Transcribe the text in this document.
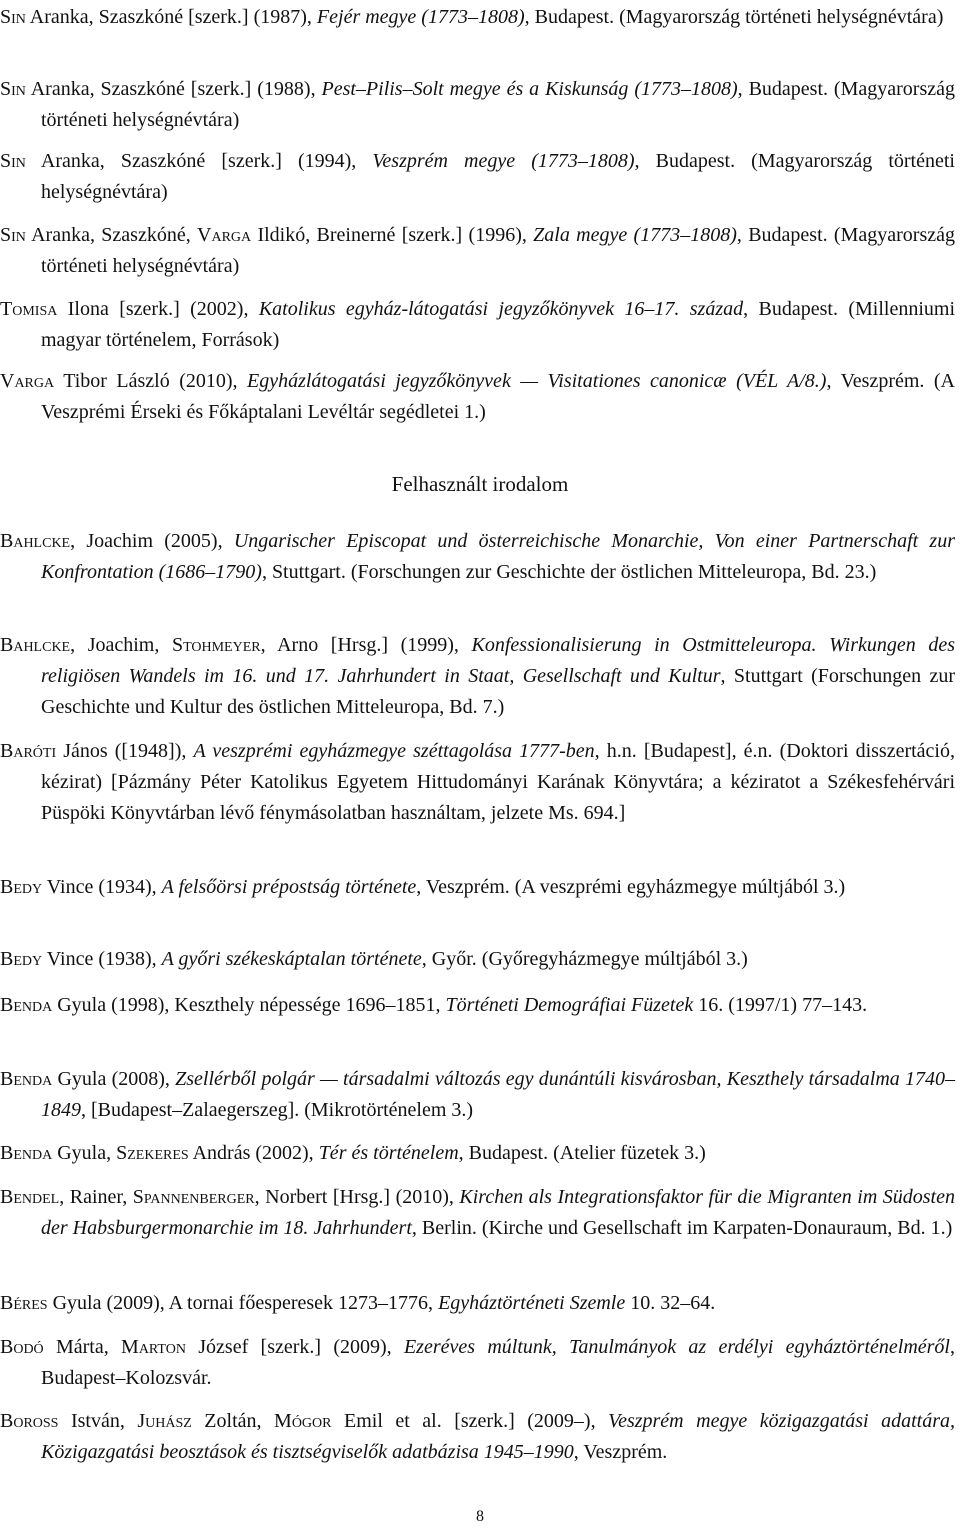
Sin Aranka, Szaszkóné [szerk.] (1987), Fejér megye (1773–1808), Budapest. (Magyarország történeti helységnévtára)

Sin Aranka, Szaszkóné [szerk.] (1988), Pest–Pilis–Solt megye és a Kiskunság (1773–1808), Budapest. (Magyarország történeti helységnévtára)

Sin Aranka, Szaszkóné [szerk.] (1994), Veszprém megye (1773–1808), Budapest. (Magyarország történeti helységnévtára)

Sin Aranka, Szaszkóné, Varga Ildikó, Breinerné [szerk.] (1996), Zala megye (1773–1808), Budapest. (Magyarország történeti helységnévtára)

Tomisa Ilona [szerk.] (2002), Katolikus egyház-látogatási jegyzőkönyvek 16–17. század, Budapest. (Millenniumi magyar történelem, Források)

Varga Tibor László (2010), Egyházlátogatási jegyzőkönyvek — Visitationes canonicæ (VÉL A/8.), Veszprém. (A Veszprémi Érseki és Főkáptalani Levéltár segédletei 1.)

Felhasznált irodalom

Bahlcke, Joachim (2005), Ungarischer Episcopat und österreichische Monarchie, Von einer Partnerschaft zur Konfrontation (1686–1790), Stuttgart. (Forschungen zur Geschichte der östlichen Mitteleuropa, Bd. 23.)

Bahlcke, Joachim, Stohmeyer, Arno [Hrsg.] (1999), Konfessionalisierung in Ostmitteleuropa. Wirkungen des religiösen Wandels im 16. und 17. Jahrhundert in Staat, Gesellschaft und Kultur, Stuttgart (Forschungen zur Geschichte und Kultur des östlichen Mitteleuropa, Bd. 7.)

Baróti János ([1948]), A veszprémi egyházmegye széttagolása 1777-ben, h.n. [Budapest], é.n. (Doktori disszertáció, kézirat) [Pázmány Péter Katolikus Egyetem Hittudományi Karának Könyvtára; a kéziratot a Székesfehérvári Püspöki Könyvtárban lévő fénymásolatban használtam, jelzete Ms. 694.]

Bedy Vince (1934), A felsőörsi prépostság története, Veszprém. (A veszprémi egyházmegye múltjából 3.)

Bedy Vince (1938), A győri székeskáptalan története, Győr. (Győregyházmegye múltjából 3.)

Benda Gyula (1998), Keszthely népessége 1696–1851, Történeti Demográfiai Füzetek 16. (1997/1) 77–143.

Benda Gyula (2008), Zsellérből polgár — társadalmi változás egy dunántúli kisvárosban, Keszthely társadalma 1740–1849, [Budapest–Zalaegerszeg]. (Mikrotörténelem 3.)

Benda Gyula, Szekeres András (2002), Tér és történelem, Budapest. (Atelier füzetek 3.)

Bendel, Rainer, Spannenberger, Norbert [Hrsg.] (2010), Kirchen als Integrationsfaktor für die Migranten im Südosten der Habsburgermonarchie im 18. Jahrhundert, Berlin. (Kirche und Gesellschaft im Karpaten-Donauraum, Bd. 1.)

Béres Gyula (2009), A tornai főesperesek 1273–1776, Egyháztörténeti Szemle 10. 32–64.

Bodó Márta, Marton József [szerk.] (2009), Ezeréves múltunk, Tanulmányok az erdélyi egyháztörténelméről, Budapest–Kolozsvár.

Boross István, Juhász Zoltán, Mógor Emil et al. [szerk.] (2009–), Veszprém megye közigazgatási adattára, Közigazgatási beosztások és tisztségviselők adatbázisa 1945–1990, Veszprém.

8
